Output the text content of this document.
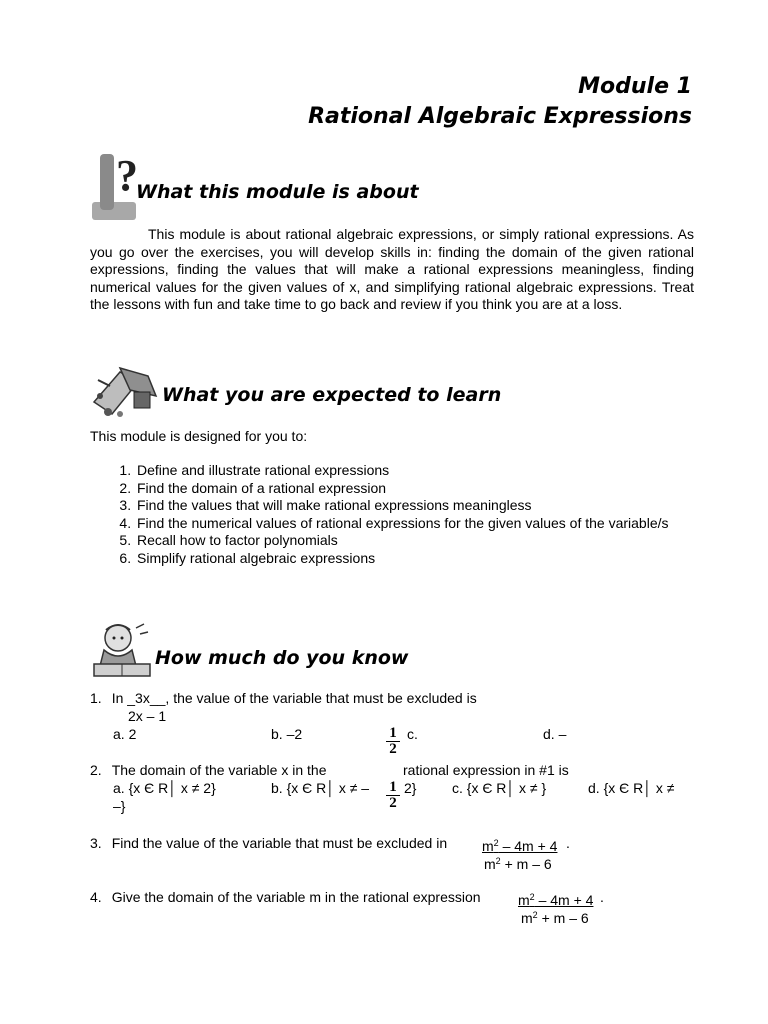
Module 1
Rational Algebraic Expressions
?
What this module is about
This module is about rational algebraic expressions, or simply rational expressions. As you go over the exercises, you will develop skills in: finding the domain of the given rational expressions, finding the values that will make a rational expressions meaningless, finding numerical values for the given values of x, and simplifying rational algebraic expressions. Treat the lessons with fun and take time to go back and review if you think you are at a loss.
What you are expected to learn
This module is designed for you to:
1. Define and illustrate rational expressions
2. Find the domain of a rational expression
3. Find the values that will make rational expressions meaningless
4. Find the numerical values of rational expressions for the given values of the variable/s
5. Recall how to factor polynomials
6. Simplify rational algebraic expressions
How much do you know
1. In _3x__, the value of the variable that must be excluded is
2x – 1
a. 2	b. –2	$\frac{1}{2} c$.	d. –
2. The domain of the variable x in the	rational expression in #1 is
a. {x Є R│ x ≠ 2}	b. {x Є R│ x ≠ – $\frac{1}{2} 2$}	c. {x Є R│ x ≠ }	d. {x Є R│ x ≠
–}
3. Find the value of the variable that must be excluded in $m^2 - 4m + 4$ .
$m^2 + m - 6$
4. Give the domain of the variable m in the rational expression	$m^2 - 4m + 4$ .
$m^2 + m - 6$
